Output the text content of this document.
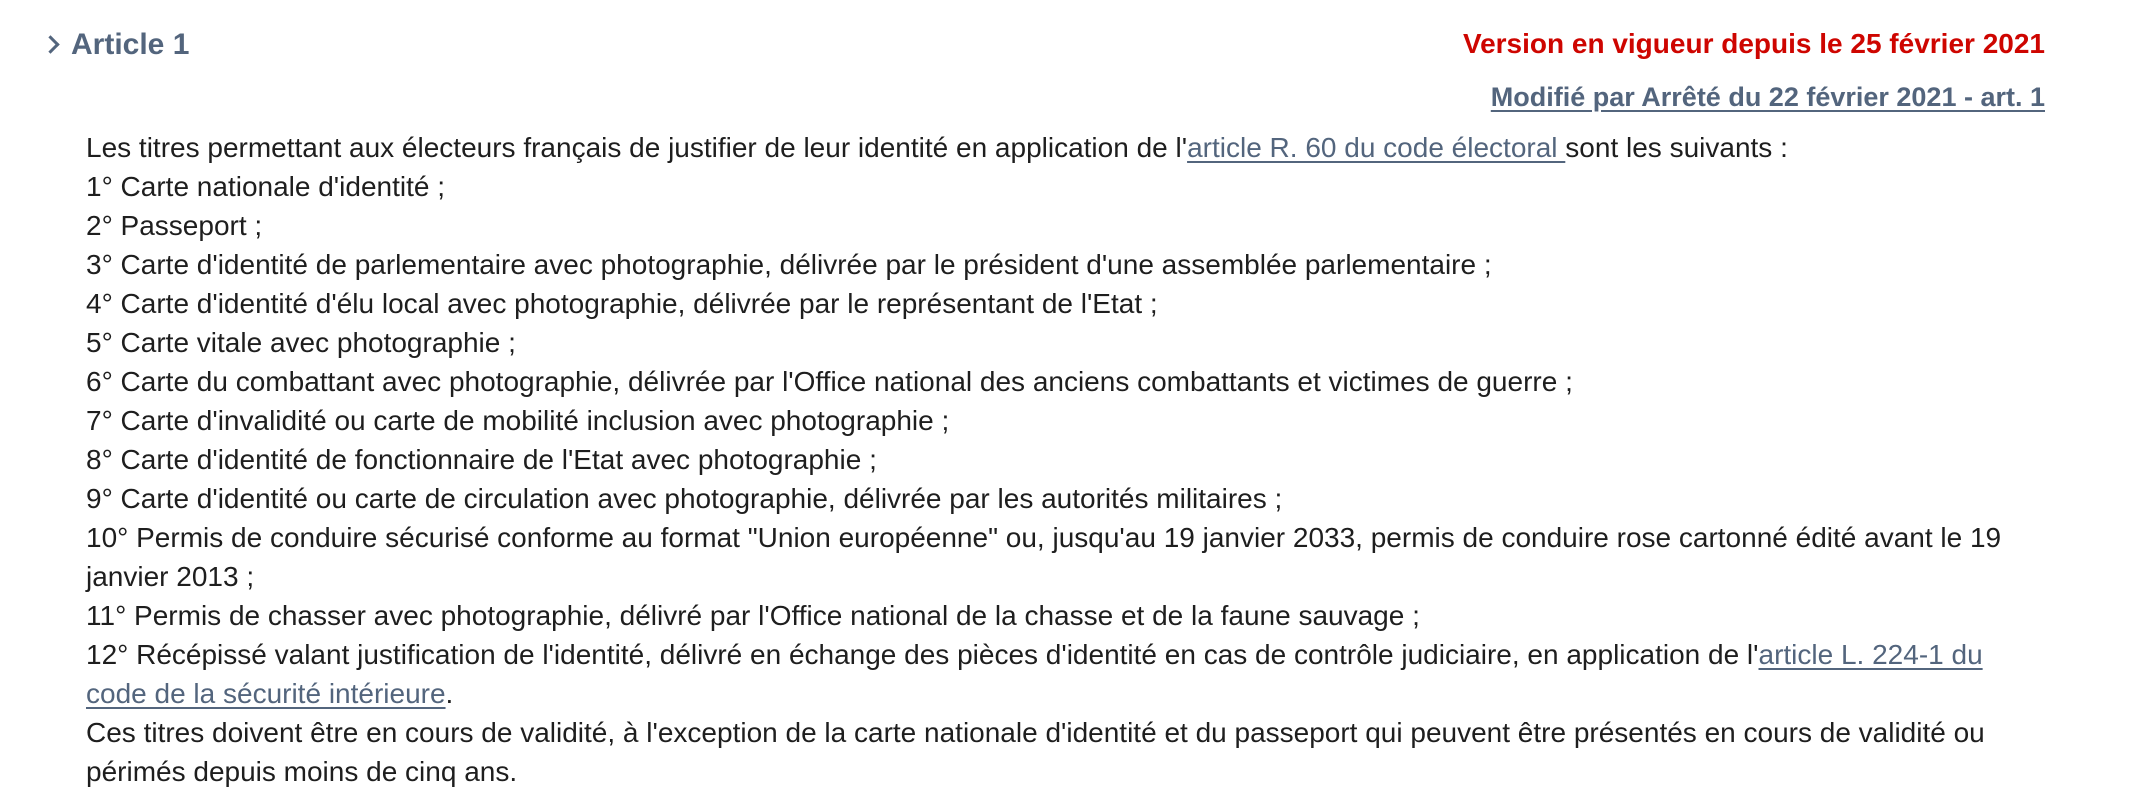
Article 1	Version en vigueur depuis le 25 février 2021
Modifié par Arrêté du 22 février 2021 - art. 1

Les titres permettant aux électeurs français de justifier de leur identité en application de l'article R. 60 du code électoral sont les suivants :

1° Carte nationale d'identité ;

2° Passeport ;

3° Carte d'identité de parlementaire avec photographie, délivrée par le président d'une assemblée parlementaire ;

4° Carte d'identité d'élu local avec photographie, délivrée par le représentant de l'Etat ;

5° Carte vitale avec photographie ;

6° Carte du combattant avec photographie, délivrée par l'Office national des anciens combattants et victimes de guerre ;

7° Carte d'invalidité ou carte de mobilité inclusion avec photographie ;

8° Carte d'identité de fonctionnaire de l'Etat avec photographie ;

9° Carte d'identité ou carte de circulation avec photographie, délivrée par les autorités militaires ;

10° Permis de conduire sécurisé conforme au format "Union européenne" ou, jusqu'au 19 janvier 2033, permis de conduire rose cartonné édité avant le 19 janvier 2013 ;

11° Permis de chasser avec photographie, délivré par l'Office national de la chasse et de la faune sauvage ;

12° Récépissé valant justification de l'identité, délivré en échange des pièces d'identité en cas de contrôle judiciaire, en application de l'article L. 224-1 du code de la sécurité intérieure.

Ces titres doivent être en cours de validité, à l'exception de la carte nationale d'identité et du passeport qui peuvent être présentés en cours de validité ou périmés depuis moins de cinq ans.
